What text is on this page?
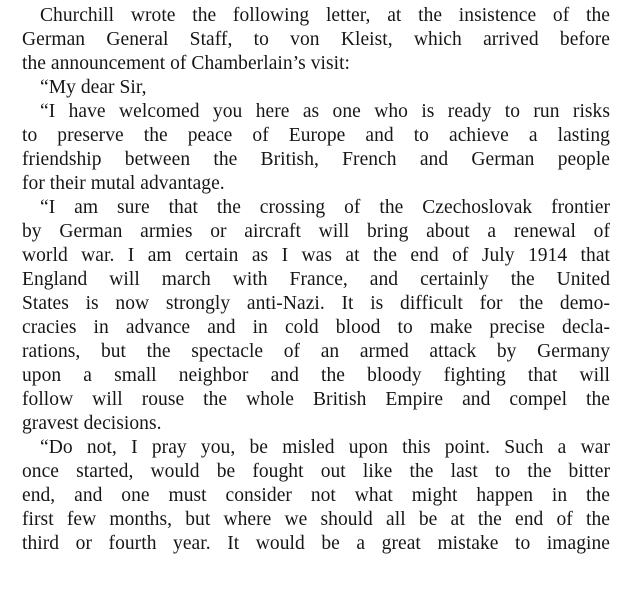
Churchill wrote the following letter, at the insistence of the
German General Staff, to von Kleist, which arrived before
the announcement of Chamberlain’s visit:
“My dear Sir,
“I have welcomed you here as one who is ready to run risks
to preserve the peace of Europe and to achieve a lasting
friendship between the British, French and German people
for their mutal advantage.
“I am sure that the crossing of the Czechoslovak frontier
by German armies or aircraft will bring about a renewal of
world war. I am certain as I was at the end of July 1914 that
England will march with France, and certainly the United
States is now strongly anti-Nazi. It is difficult for the demo-
cracies in advance and in cold blood to make precise decla-
rations, but the spectacle of an armed attack by Germany
upon a small neighbor and the bloody fighting that will
follow will rouse the whole British Empire and compel the
gravest decisions.
“Do not, I pray you, be misled upon this point. Such a war
once started, would be fought out like the last to the bitter
end, and one must consider not what might happen in the
first few months, but where we should all be at the end of the
third or fourth year. It would be a great mistake to imagine
